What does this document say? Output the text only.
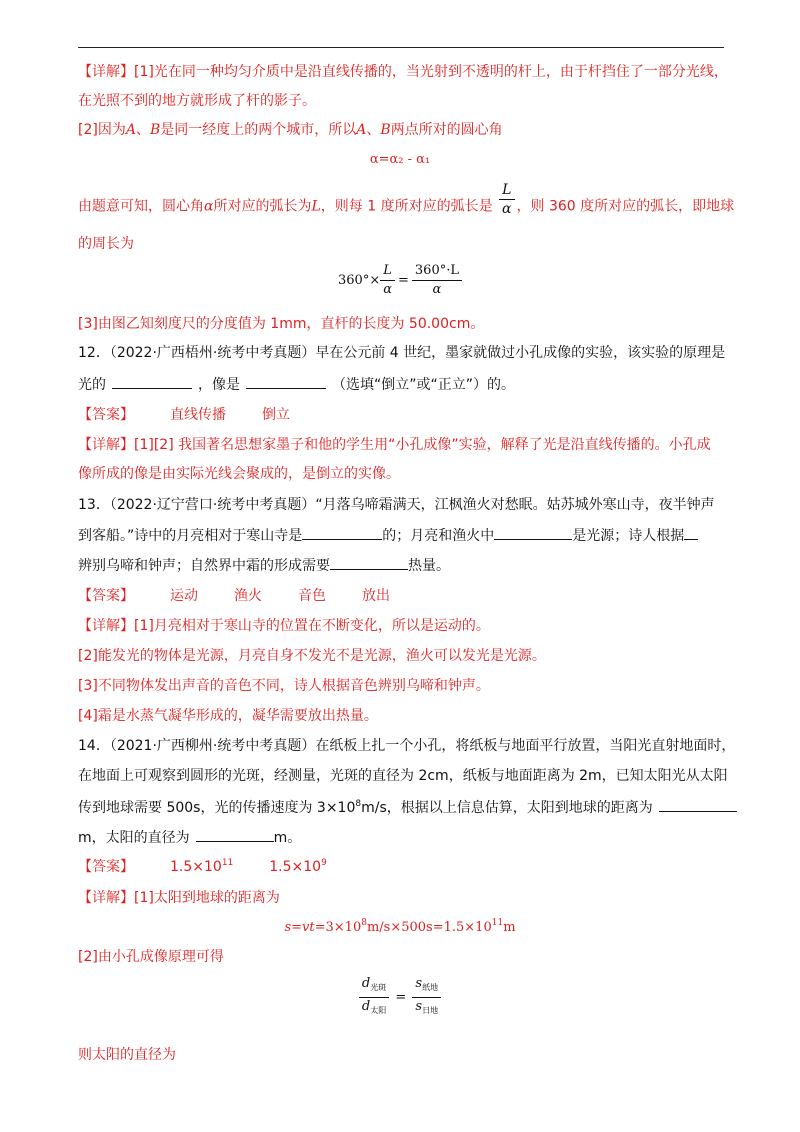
【详解】[1]光在同一种均匀介质中是沿直线传播的，当光射到不透明的杆上，由于杆挡住了一部分光线，
在光照不到的地方就形成了杆的影子。
[2]因为A、B是同一经度上的两个城市，所以A、B两点所对的圆心角
α=α₂ - α₁
由题意可知，圆心角α所对应的弧长为L，则每 1 度所对应的弧长是 $\frac{L}{\alpha}$ ，则 360 度所对应的弧长，即地球
的周长为
$360^\circ\times \frac{L}{\alpha} = \frac{360^\circ\cdot L}{\alpha}$
[3]由图乙知刻度尺的分度值为 1mm，直杆的长度为 50.00cm。
12．（2022·广西梧州·统考中考真题）早在公元前 4 世纪，墨家就做过小孔成像的实验，该实验的原理是
光的	，像是	（选填“倒立”或“正立”）的。
【答案】	直线传播	倒立
【详解】[1][2] 我国著名思想家墨子和他的学生用“小孔成像”实验，解释了光是沿直线传播的。小孔成
像所成的像是由实际光线会聚成的，是倒立的实像。
13．（2022·辽宁营口·统考中考真题）“月落乌啼霜满天，江枫渔火对愁眠。姑苏城外寒山寺，夜半钟声
到客船。”诗中的月亮相对于寒山寺是	的；月亮和渔火中	是光源；诗人根据
辨别乌啼和钟声；自然界中霜的形成需要	热量。
【答案】	运动	渔火	音色	放出
【详解】[1]月亮相对于寒山寺的位置在不断变化，所以是运动的。
[2]能发光的物体是光源，月亮自身不发光不是光源，渔火可以发光是光源。
[3]不同物体发出声音的音色不同，诗人根据音色辨别乌啼和钟声。
[4]霜是水蒸气凝华形成的，凝华需要放出热量。
14．（2021·广西柳州·统考中考真题）在纸板上扎一个小孔，将纸板与地面平行放置，当阳光直射地面时，
在地面上可观察到圆形的光斑，经测量，光斑的直径为 2cm，纸板与地面距离为 2m，已知太阳光从太阳
传到地球需要 500s，光的传播速度为 $3\times 10^8m/s$，根据以上信息估算，太阳到地球的距离为
m，太阳的直径为	m。
【答案】	$1.5\times 10^{11}$	$1.5\times 10^9$
【详解】[1]太阳到地球的距离为
$s=vt=3\times 10^8m/s\times 500s=1.5\times 10^{11}m$
[2]由小孔成像原理可得
$\frac{d_{光斑}}{d_{太阳}} = \frac{s_{纸地}}{s_{日地}}$
则太阳的直径为
